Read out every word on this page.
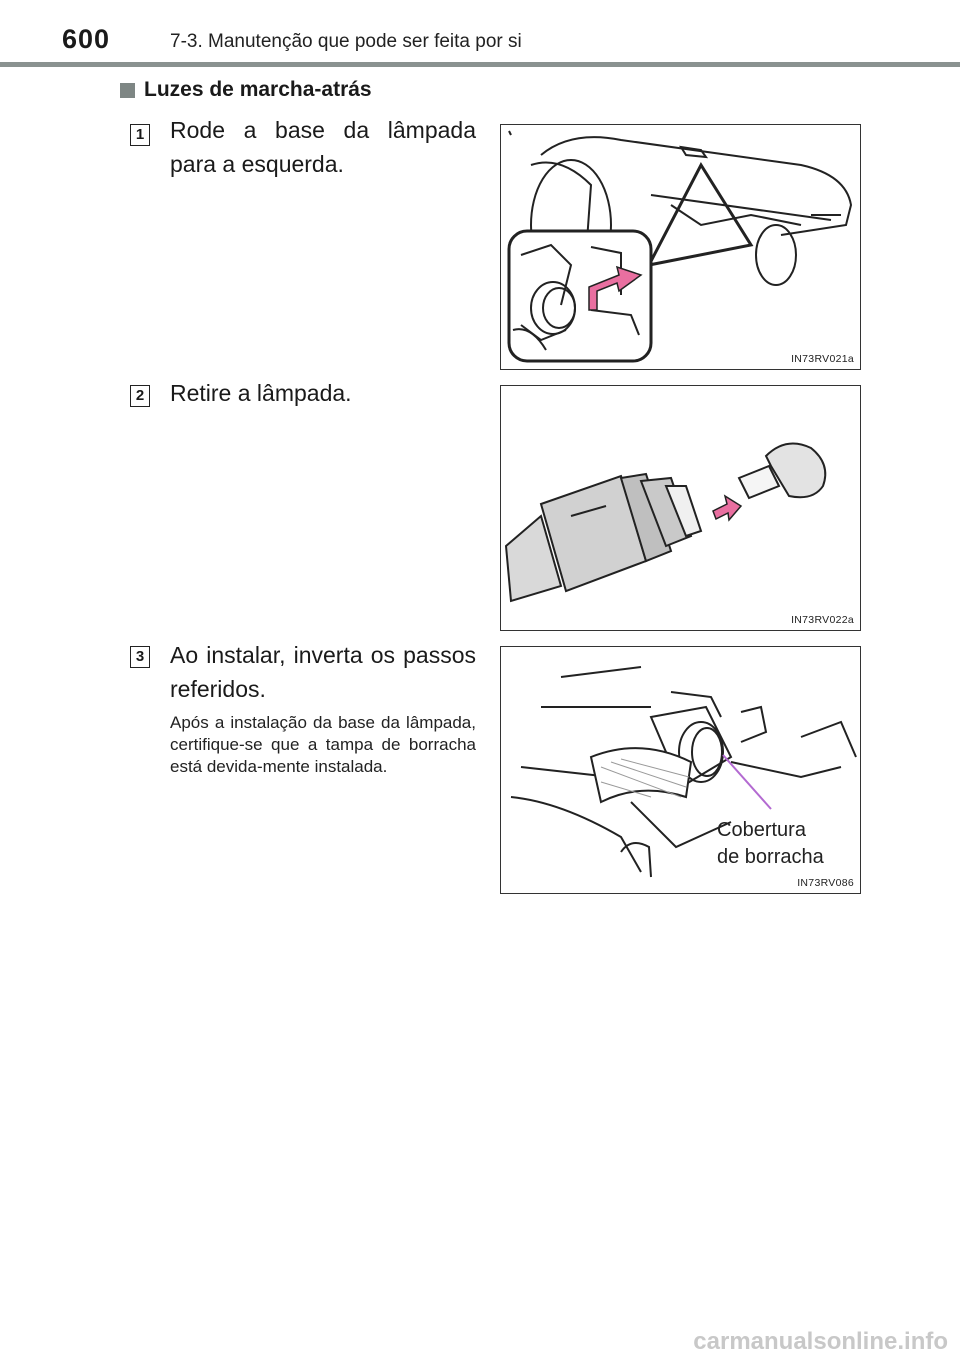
600	7-3. Manutenção que pode ser feita por si
Luzes de marcha-atrás
1 Rode a base da lâmpada para a esquerda.
IN73RV021a
2 Retire a lâmpada.
IN73RV022a
3 Ao instalar, inverta os passos referidos.
Após a instalação da base da lâmpada, certifique-se que a tampa de borracha está devida-mente instalada.
Cobertura
de borracha
IN73RV086
carmanualsonline.info
